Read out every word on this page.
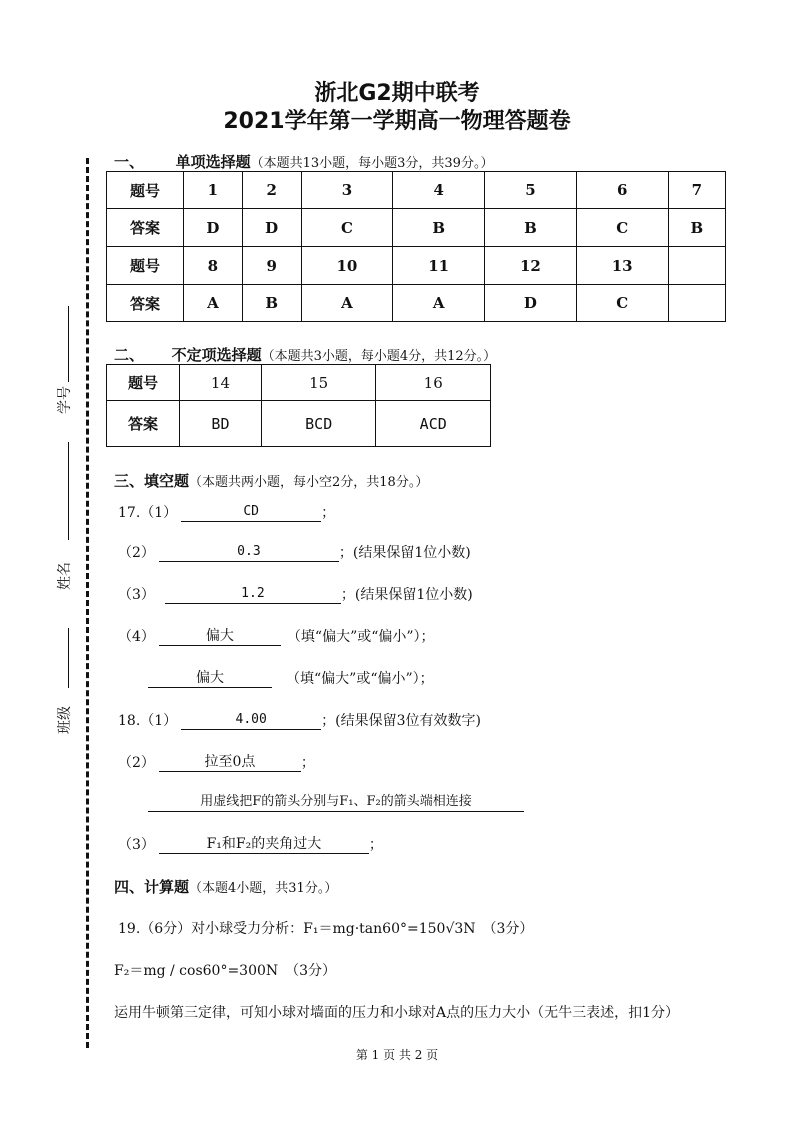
浙北G2期中联考
2021学年第一学期高一物理答题卷
学号
姓名
班级
一、 单项选择题（本题共13小题，每小题3分，共39分。）
题号	1	2	3	4	5	6	7
答案	D	D	C	B	B	C	B
题号	8	9	10	11	12	13	
答案	A	B	A	A	D	C	
二、 不定项选择题（本题共3小题，每小题4分，共12分。）
题号	14	15	16
答案	BD	BCD	ACD
三、填空题（本题共两小题，每小空2分，共18分。）
17.（1）	CD	；
（2）	0.3	；(结果保留1位小数)
（3）	1.2	；(结果保留1位小数)
（4）	偏大	（填“偏大”或“偏小”）；
偏大	（填“偏大”或“偏小”）；
18.（1）	4.00	；(结果保留3位有效数字)
（2）	拉至0点	；
用虚线把F的箭头分别与F₁、F₂的箭头端相连接
（3）	F₁和F₂的夹角过大	；
四、计算题（本题4小题，共31分。）
19.（6分）对小球受力分析：F₁＝mg·tan60°=150√3N　（3分）
F₂＝mg / cos60°=300N　（3分）
运用牛顿第三定律，可知小球对墙面的压力和小球对A点的压力大小（无牛三表述，扣1分）
第 1 页 共 2 页
